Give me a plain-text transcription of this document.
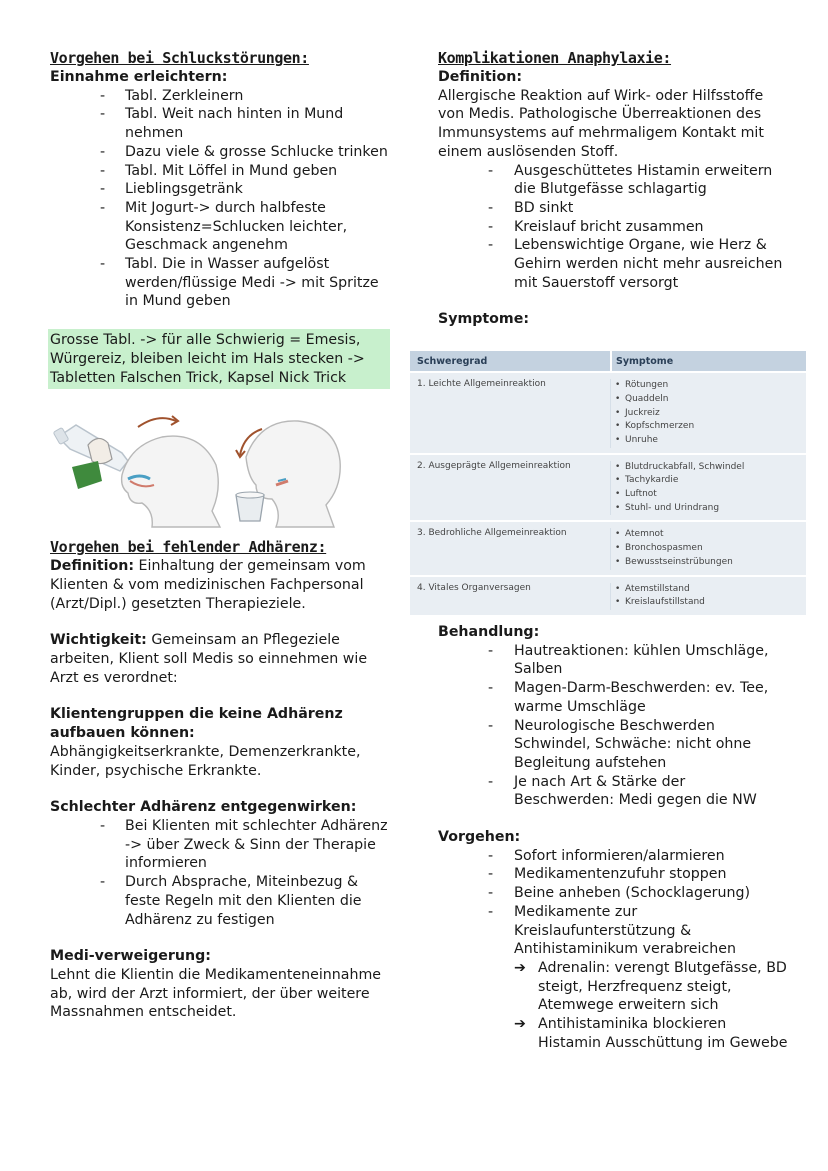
Vorgehen bei Schluckstörungen:
Einnahme erleichtern:
- Tabl. Zerkleinern
- Tabl. Weit nach hinten in Mund nehmen
- Dazu viele & grosse Schlucke trinken
- Tabl. Mit Löffel in Mund geben
- Lieblingsgetränk
- Mit Jogurt-> durch halbfeste Konsistenz=Schlucken leichter, Geschmack angenehm
- Tabl. Die in Wasser aufgelöst werden/flüssige Medi -> mit Spritze in Mund geben

Grosse Tabl. -> für alle Schwierig = Emesis, Würgereiz, bleiben leicht im Hals stecken -> Tabletten Falschen Trick, Kapsel Nick Trick

Vorgehen bei fehlender Adhärenz:

Definition: Einhaltung der gemeinsam vom Klienten & vom medizinischen Fachpersonal (Arzt/Dipl.) gesetzten Therapieziele.

Wichtigkeit: Gemeinsam an Pflegeziele arbeiten, Klient soll Medis so einnehmen wie Arzt es verordnet:

Klientengruppen die keine Adhärenz aufbauen können:

Abhängigkeitserkrankte, Demenzerkrankte, Kinder, psychische Erkrankte.

Schlechter Adhärenz entgegenwirken:

- Bei Klienten mit schlechter Adhärenz -> über Zweck & Sinn der Therapie informieren
- Durch Absprache, Miteinbezug & feste Regeln mit den Klienten die Adhärenz zu festigen

Medi-verweigerung:

Lehnt die Klientin die Medikamenteneinnahme ab, wird der Arzt informiert, der über weitere Massnahmen entscheidet.

Komplikationen Anaphylaxie:

Definition:

Allergische Reaktion auf Wirk- oder Hilfsstoffe von Medis. Pathologische Überreaktionen des Immunsystems auf mehrmaligem Kontakt mit einem auslösenden Stoff.

- Ausgeschüttetes Histamin erweitern die Blutgefässe schlagartig
- BD sinkt
- Kreislauf bricht zusammen
- Lebenswichtige Organe, wie Herz & Gehirn werden nicht mehr ausreichen mit Sauerstoff versorgt

Symptome:

Schweregrad	Symptome
1. Leichte Allgemeinreaktion	• Rötungen
• Quaddeln
• Juckreiz
• Kopfschmerzen
• Unruhe
2. Ausgeprägte Allgemeinreaktion	• Blutdruckabfall, Schwindel
• Tachykardie
• Luftnot
• Stuhl- und Urindrang
3. Bedrohliche Allgemeinreaktion	• Atemnot
• Bronchospasmen
• Bewusstseinstrübungen
4. Vitales Organversagen	• Atemstillstand
• Kreislaufstillstand

Behandlung:

- Hautreaktionen: kühlen Umschläge, Salben
- Magen-Darm-Beschwerden: ev. Tee, warme Umschläge
- Neurologische Beschwerden Schwindel, Schwäche: nicht ohne Begleitung aufstehen
- Je nach Art & Stärke der Beschwerden: Medi gegen die NW

Vorgehen:

- Sofort informieren/alarmieren
- Medikamentenzufuhr stoppen
- Beine anheben (Schocklagerung)
- Medikamente zur Kreislaufunterstützung & Antihistaminikum verabreichen
➔ Adrenalin: verengt Blutgefässe, BD steigt, Herzfrequenz steigt, Atemwege erweitern sich
➔ Antihistaminika blockieren Histamin Ausschüttung im Gewebe
